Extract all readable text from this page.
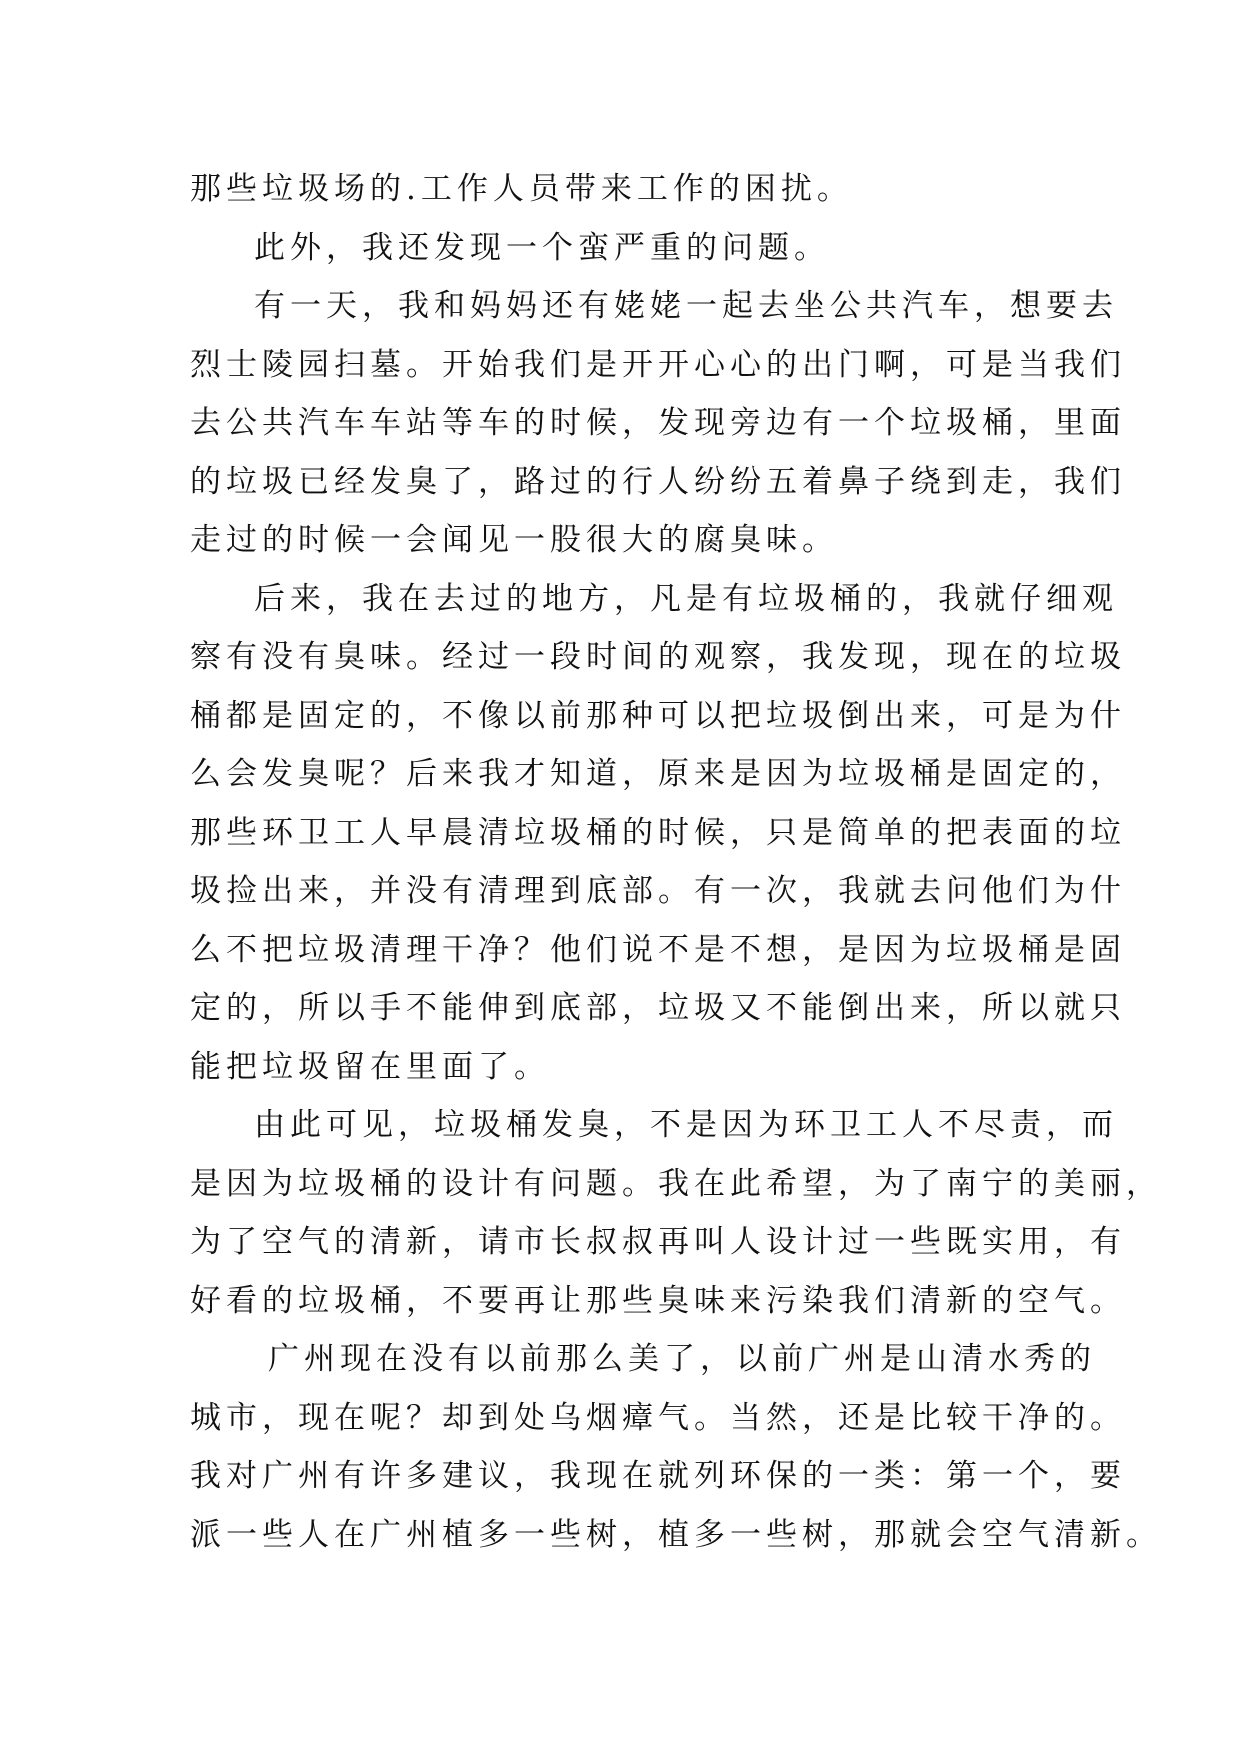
那些垃圾场的.工作人员带来工作的困扰。
此外，我还发现一个蛮严重的问题。
有一天，我和妈妈还有姥姥一起去坐公共汽车，想要去
烈士陵园扫墓。开始我们是开开心心的出门啊，可是当我们
去公共汽车车站等车的时候，发现旁边有一个垃圾桶，里面
的垃圾已经发臭了，路过的行人纷纷五着鼻子绕到走，我们
走过的时候一会闻见一股很大的腐臭味。
后来，我在去过的地方，凡是有垃圾桶的，我就仔细观
察有没有臭味。经过一段时间的观察，我发现，现在的垃圾
桶都是固定的，不像以前那种可以把垃圾倒出来，可是为什
么会发臭呢？后来我才知道，原来是因为垃圾桶是固定的，
那些环卫工人早晨清垃圾桶的时候，只是简单的把表面的垃
圾捡出来，并没有清理到底部。有一次，我就去问他们为什
么不把垃圾清理干净？他们说不是不想，是因为垃圾桶是固
定的，所以手不能伸到底部，垃圾又不能倒出来，所以就只
能把垃圾留在里面了。
由此可见，垃圾桶发臭，不是因为环卫工人不尽责，而
是因为垃圾桶的设计有问题。我在此希望，为了南宁的美丽，
为了空气的清新，请市长叔叔再叫人设计过一些既实用，有
好看的垃圾桶，不要再让那些臭味来污染我们清新的空气。
广州现在没有以前那么美了，以前广州是山清水秀的
城市，现在呢？却到处乌烟瘴气。当然，还是比较干净的。
我对广州有许多建议，我现在就列环保的一类：第一个，要
派一些人在广州植多一些树，植多一些树，那就会空气清新。
